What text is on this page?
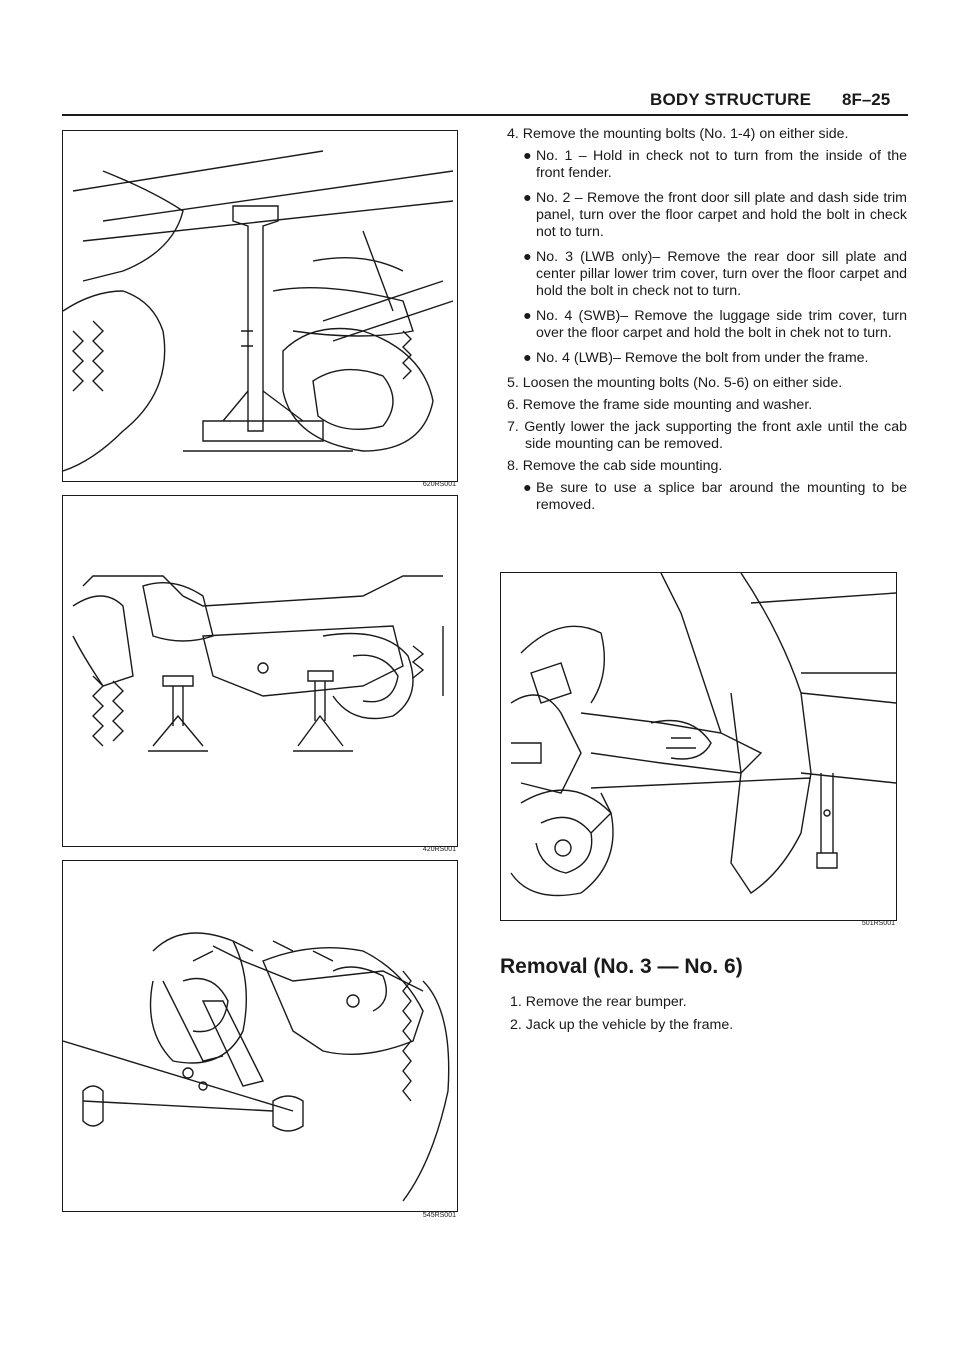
BODY STRUCTURE 8F–25
620RS001
420RS001
545RS001
501RS001

4. Remove the mounting bolts (No. 1-4) on either side.

● No. 1 – Hold in check not to turn from the inside of the front fender.
● No. 2 – Remove the front door sill plate and dash side trim panel, turn over the floor carpet and hold the bolt in check not to turn.
● No. 3 (LWB only)– Remove the rear door sill plate and center pillar lower trim cover, turn over the floor carpet and hold the bolt in check not to turn.
● No. 4 (SWB)– Remove the luggage side trim cover, turn over the floor carpet and hold the bolt in chek not to turn.
● No. 4 (LWB)– Remove the bolt from under the frame.

5. Loosen the mounting bolts (No. 5-6) on either side.

6. Remove the frame side mounting and washer.

7. Gently lower the jack supporting the front axle until the cab side mounting can be removed.

8. Remove the cab side mounting.

● Be sure to use a splice bar around the mounting to be removed.
Removal (No. 3 — No. 6)

1. Remove the rear bumper.

2. Jack up the vehicle by the frame.
